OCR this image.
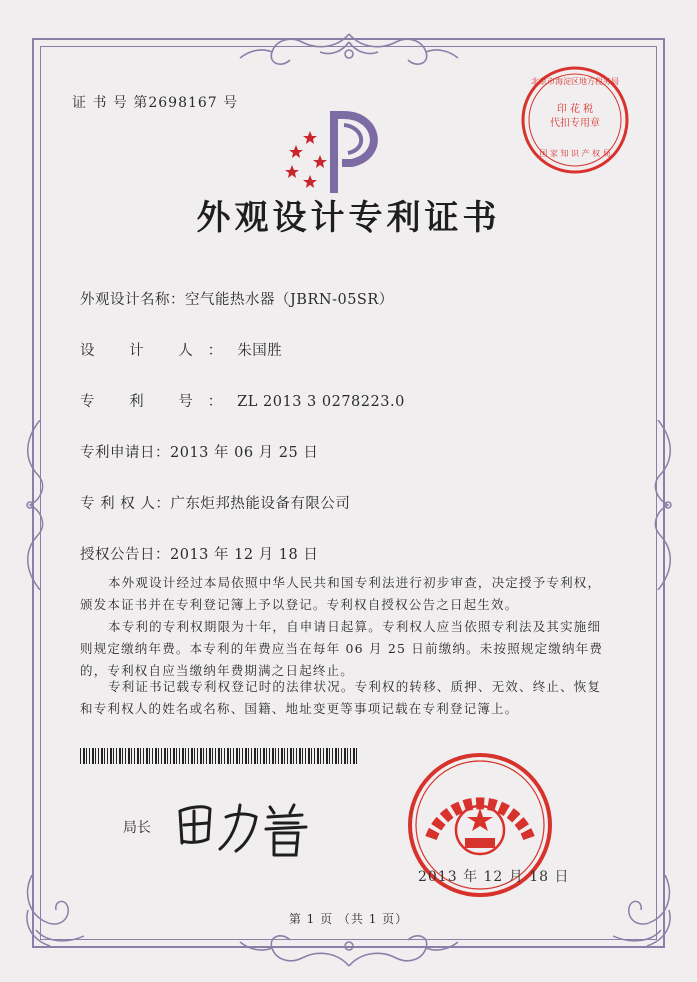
证 书 号 第2698167 号	印 花 税
代扣专用章
北京市海淀区地方税务局
国 家 知 识 产 权 局
外观设计专利证书
外观设计名称：空气能热水器（JBRN-05SR）
设 计 人：朱国胜
专 利 号：ZL 2013 3 0278223.0
专利申请日：2013 年 06 月 25 日
专 利 权 人：广东炬邦热能设备有限公司
授权公告日：2013 年 12 月 18 日
本外观设计经过本局依照中华人民共和国专利法进行初步审查，决定授予专利权，颁发本证书并在专利登记簿上予以登记。专利权自授权公告之日起生效。
本专利的专利权期限为十年，自申请日起算。专利权人应当依照专利法及其实施细则规定缴纳年费。本专利的年费应当在每年 06 月 25 日前缴纳。未按照规定缴纳年费的，专利权自应当缴纳年费期满之日起终止。
专利证书记载专利权登记时的法律状况。专利权的转移、质押、无效、终止、恢复和专利权人的姓名或名称、国籍、地址变更等事项记载在专利登记簿上。
局长
2013 年 12 月 18 日
第 1 页 （共 1 页）
